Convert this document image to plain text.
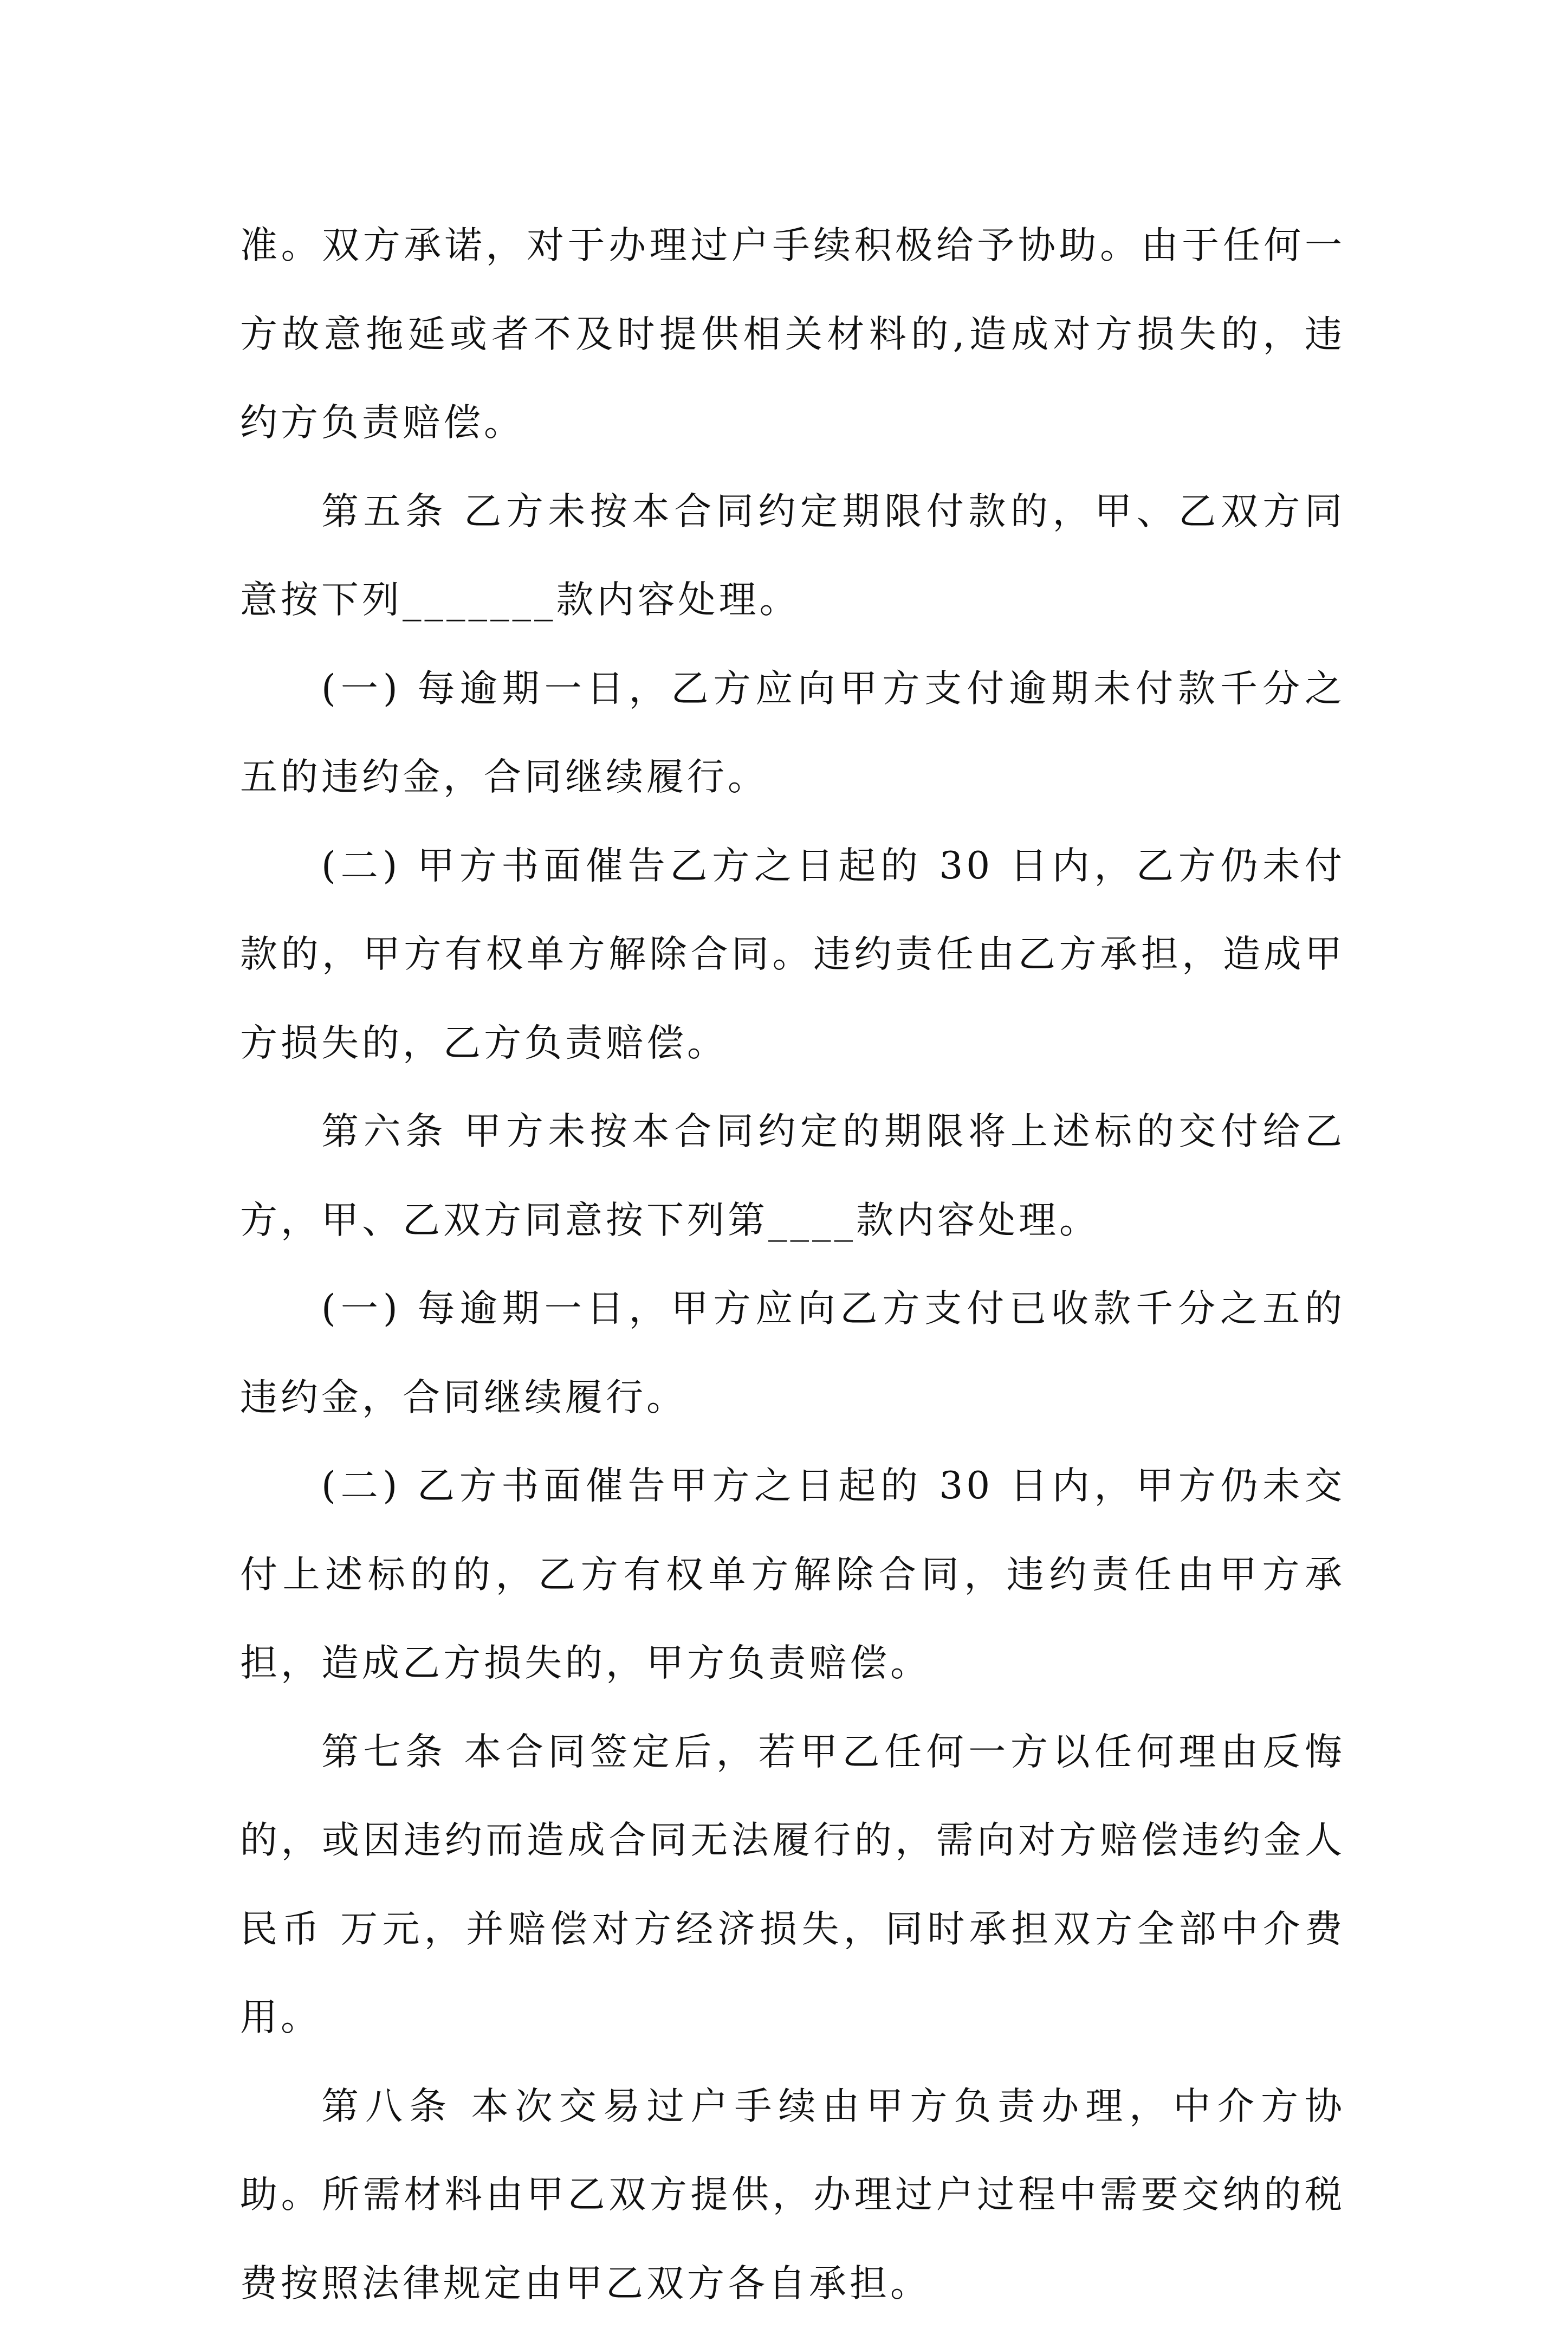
准。双方承诺，对于办理过户手续积极给予协助。由于任何一方故意拖延或者不及时提供相关材料的,造成对方损失的，违约方负责赔偿。

第五条 乙方未按本合同约定期限付款的，甲、乙双方同意按下列_______款内容处理。

(一) 每逾期一日，乙方应向甲方支付逾期未付款千分之五的违约金，合同继续履行。

(二) 甲方书面催告乙方之日起的 30 日内，乙方仍未付款的，甲方有权单方解除合同。违约责任由乙方承担，造成甲方损失的，乙方负责赔偿。

第六条 甲方未按本合同约定的期限将上述标的交付给乙方，甲、乙双方同意按下列第____款内容处理。

(一) 每逾期一日，甲方应向乙方支付已收款千分之五的违约金，合同继续履行。

(二) 乙方书面催告甲方之日起的 30 日内，甲方仍未交付上述标的的，乙方有权单方解除合同，违约责任由甲方承担，造成乙方损失的，甲方负责赔偿。

第七条 本合同签定后，若甲乙任何一方以任何理由反悔的，或因违约而造成合同无法履行的，需向对方赔偿违约金人民币 万元，并赔偿对方经济损失，同时承担双方全部中介费用。

第八条 本次交易过户手续由甲方负责办理，中介方协助。所需材料由甲乙双方提供，办理过户过程中需要交纳的税费按照法律规定由甲乙双方各自承担。
